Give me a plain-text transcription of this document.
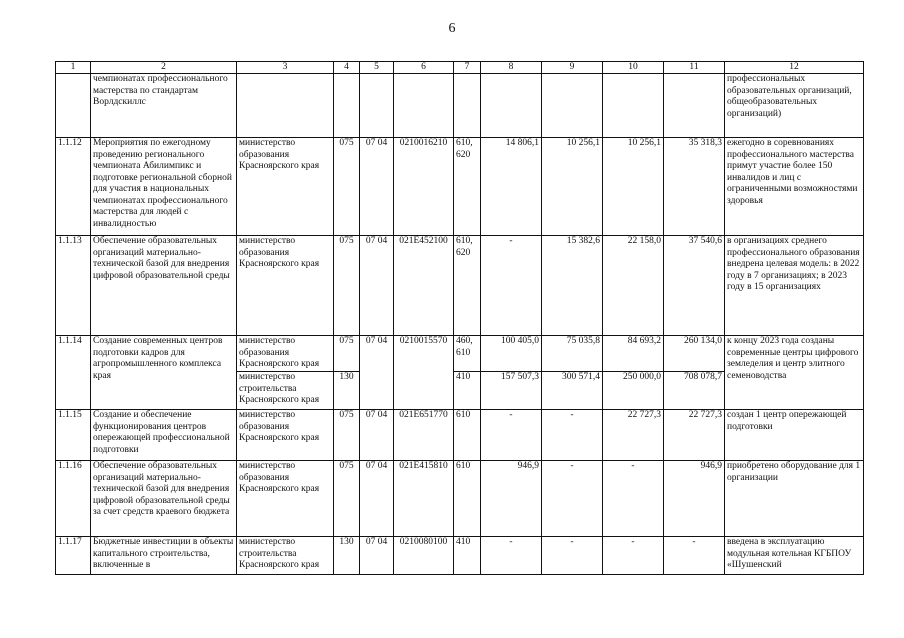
6
1	2	3	4	5	6	7	8	9	10	11	12
	чемпионатах профессионального мастерства по стандартам Ворлдскиллс										профессиональных образовательных организаций, общеобразовательных организаций)
1.1.12	Мероприятия по ежегодному проведению регионального чемпионата Абилимпикс и подготовке региональной сборной для участия в национальных чемпионатах профессионального мастерства для людей с инвалидностью	министерство образования Красноярского края	075	07 04	0210016210	610, 620	14 806,1	10 256,1	10 256,1	35 318,3	ежегодно в соревнованиях профессионального мастерства примут участие более 150 инвалидов и лиц с ограниченными возможностями здоровья
1.1.13	Обеспечение образовательных организаций материально-технической базой для внедрения цифровой образовательной среды	министерство образования Красноярского края	075	07 04	021E452100	610, 620	-	15 382,6	22 158,0	37 540,6	в организациях среднего профессионального образования внедрена целевая модель: в 2022 году в 7 организациях; в 2023 году в 15 организациях
1.1.14	Создание современных центров подготовки кадров для агропромышленного комплекса края	министерство образования Красноярского края	075	07 04	0210015570	460, 610	100 405,0	75 035,8	84 693,2	260 134,0	к концу 2023 года созданы современные центры цифрового земледелия и центр элитного семеноводства
		министерство строительства Красноярского края	130			410	157 507,3	300 571,4	250 000,0	708 078,7	
1.1.15	Создание и обеспечение функционирования центров опережающей профессиональной подготовки	министерство образования Красноярского края	075	07 04	021E651770	610	-	-	22 727,3	22 727,3	создан 1 центр опережающей подготовки
1.1.16	Обеспечение образовательных организаций материально-технической базой для внедрения цифровой образовательной среды за счет средств краевого бюджета	министерство образования Красноярского края	075	07 04	021E415810	610	946,9	-	-	946,9	приобретено оборудование для 1 организации
1.1.17	Бюджетные инвестиции в объекты капитального строительства, включенные в	министерство строительства Красноярского края	130	07 04	0210080100	410	-	-	-	-	введена в эксплуатацию модульная котельная КГБПОУ «Шушенский
